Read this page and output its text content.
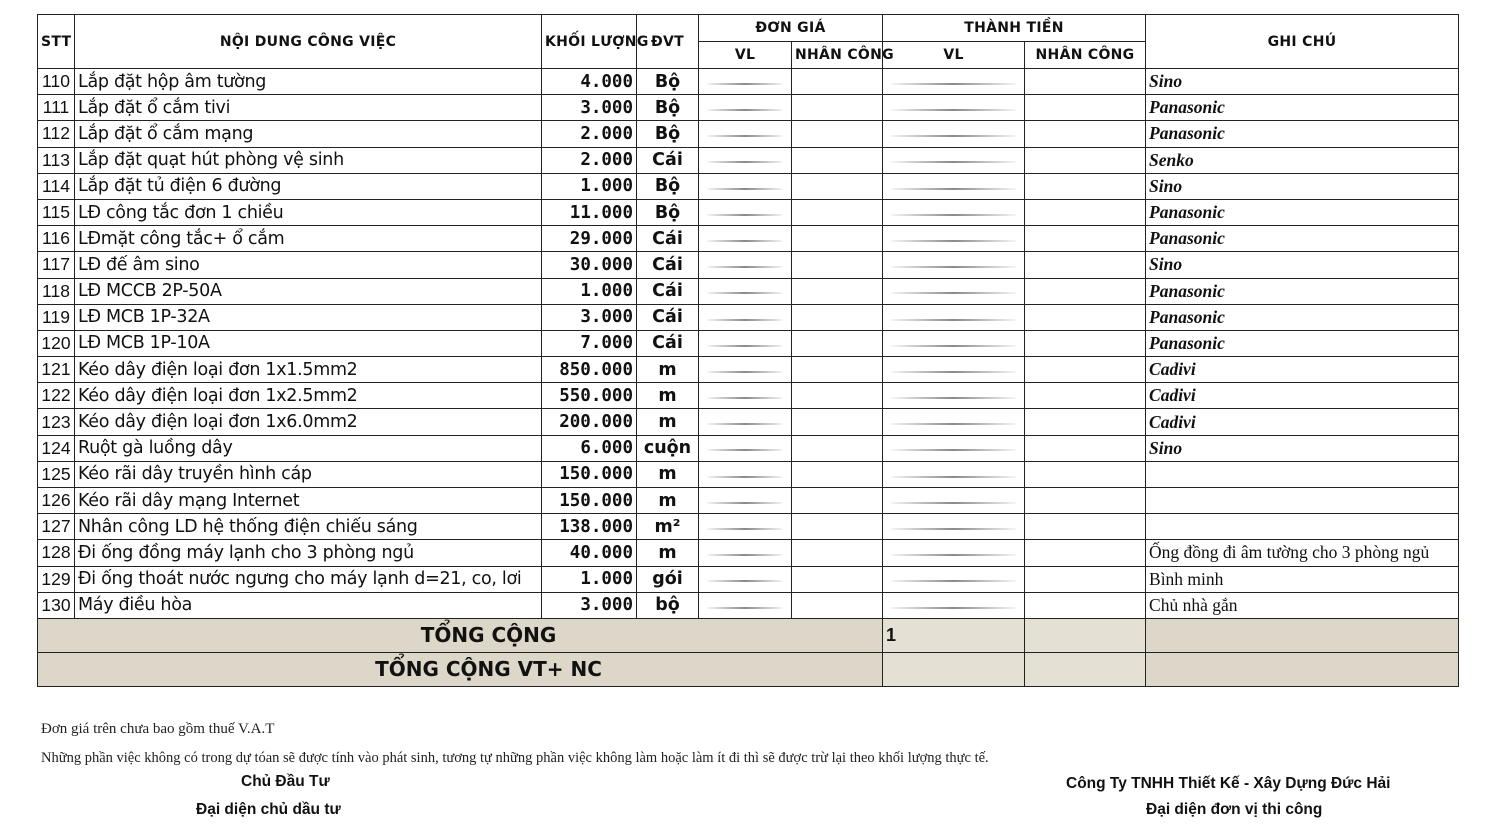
STT	NỘI DUNG CÔNG VIỆC	KHỐI LƯỢNG	ĐVT	ĐƠN GIÁ		THÀNH TIỀN		GHI CHÚ
				VL	NHÂN CÔNG	VL	NHÂN CÔNG	
110	Lắp đặt hộp âm tường	4.000	Bộ					Sino
111	Lắp đặt ổ cắm tivi	3.000	Bộ					Panasonic
112	Lắp đặt ổ cắm mạng	2.000	Bộ					Panasonic
113	Lắp đặt quạt hút phòng vệ sinh	2.000	Cái					Senko
114	Lắp đặt tủ điện 6 đường	1.000	Bộ					Sino
115	LĐ công tắc đơn 1 chiều	11.000	Bộ					Panasonic
116	LĐmặt công tắc+ ổ cắm	29.000	Cái					Panasonic
117	LĐ đế âm sino	30.000	Cái					Sino
118	LĐ MCCB 2P-50A	1.000	Cái					Panasonic
119	LĐ MCB 1P-32A	3.000	Cái					Panasonic
120	LĐ MCB 1P-10A	7.000	Cái					Panasonic
121	Kéo dây điện loại đơn 1x1.5mm2	850.000	m					Cadivi
122	Kéo dây điện loại đơn 1x2.5mm2	550.000	m					Cadivi
123	Kéo dây điện loại đơn 1x6.0mm2	200.000	m					Cadivi
124	Ruột gà luồng dây	6.000	cuộn					Sino
125	Kéo rãi dây truyền hình cáp	150.000	m	

126	Kéo rãi dây mạng Internet	150.000	m	

127	Nhân công LD hệ thống điện chiếu sáng	138.000	m²	

128	Đi ống đồng máy lạnh cho 3 phòng ngủ	40.000	m					Ống đồng đi âm tường cho 3 phòng ngủ
129	Đi ống thoát nước ngưng cho máy lạnh d=21, co, lơi	1.000	gói					Bình minh
130	Máy điều hòa	3.000	bộ					Chủ nhà gắn
TỔNG CỘNG						1		
TỔNG CỘNG VT+ NC								
Đơn giá trên chưa bao gồm thuế V.A.T
Những phần việc không có trong dự tóan sẽ được tính vào phát sinh, tương tự những phần việc không làm hoặc làm ít đi thì sẽ được trừ lại theo khối lượng thực tế.
Chủ Đầu Tư
Đại diện chủ dầu tư
Công Ty TNHH Thiết Kế - Xây Dựng Đức Hải
Đại diện đơn vị thi công
